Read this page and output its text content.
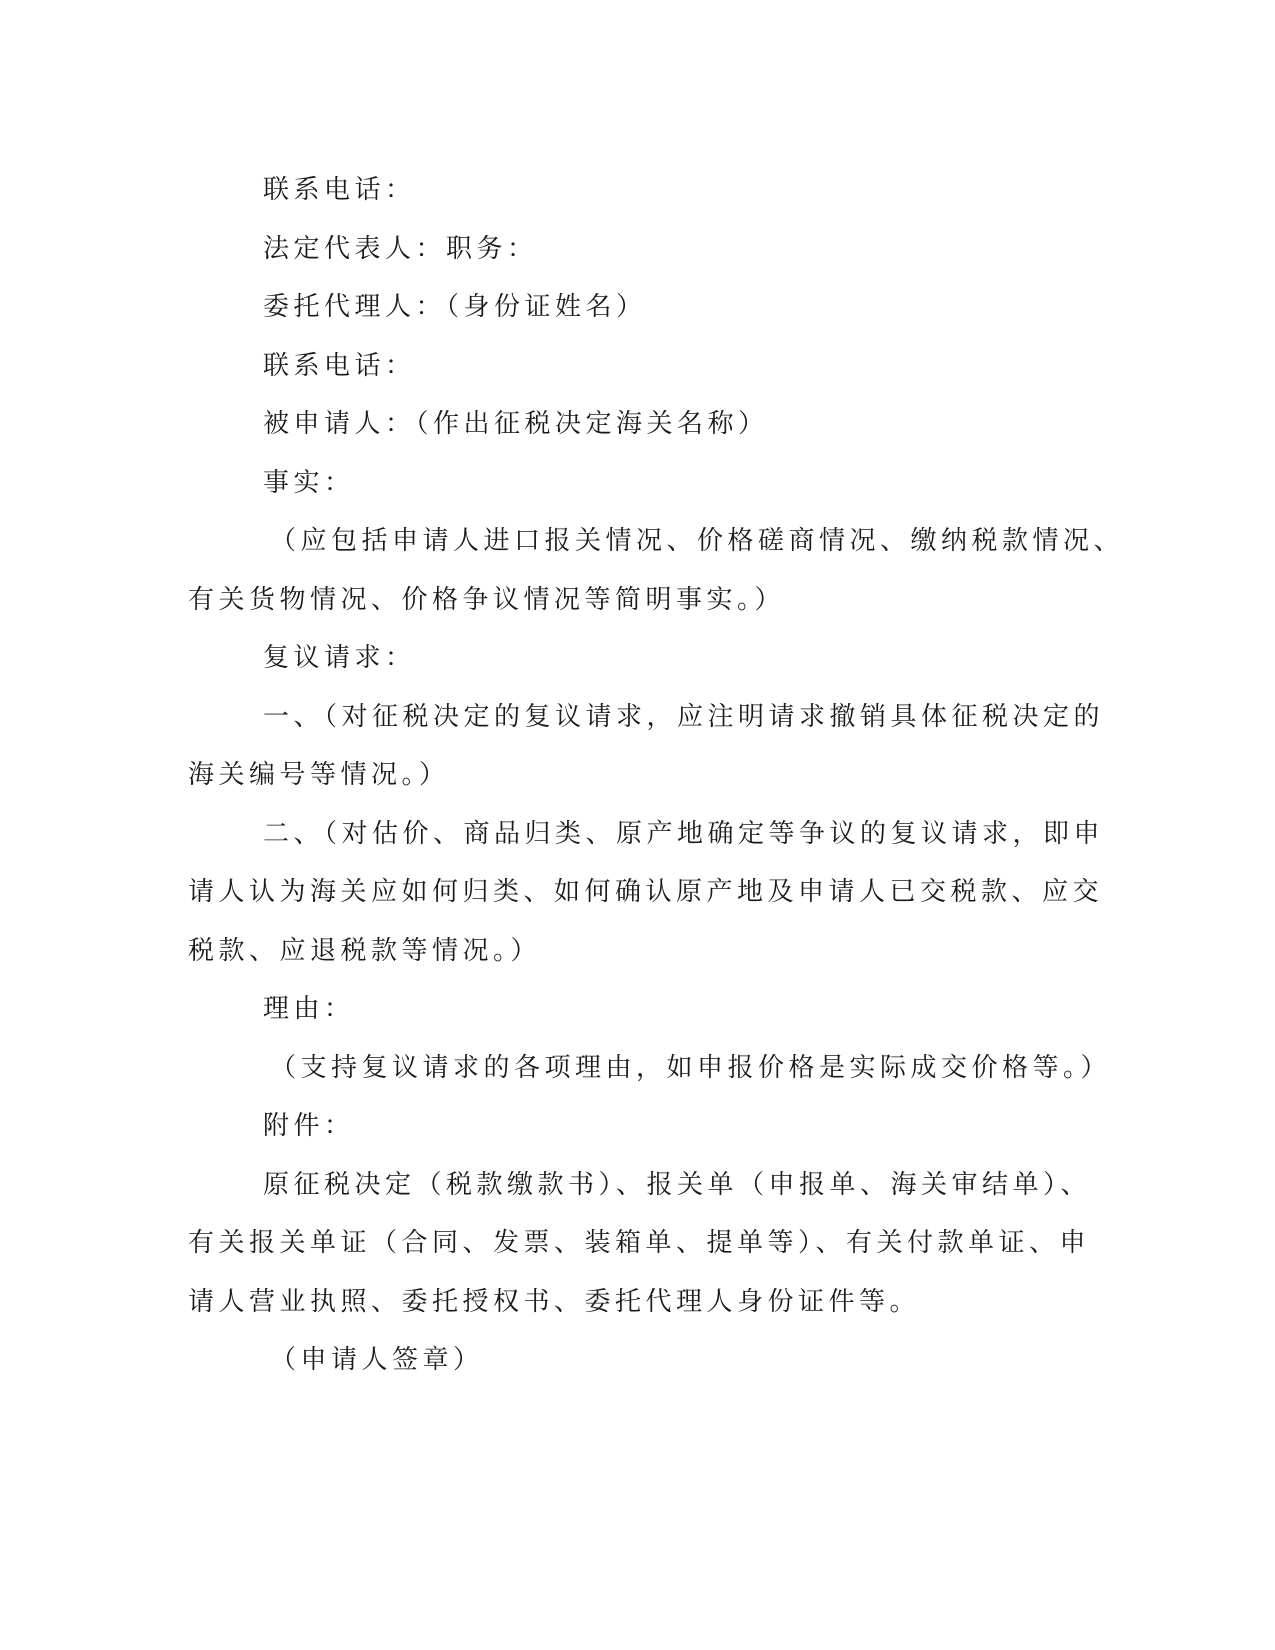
联系电话：
法定代表人：职务：
委托代理人：（身份证姓名）
联系电话：
被申请人：（作出征税决定海关名称）
事实：
（应包括申请人进口报关情况、价格磋商情况、缴纳税款情况、
有关货物情况、价格争议情况等简明事实。）
复议请求：
一、（对征税决定的复议请求，应注明请求撤销具体征税决定的
海关编号等情况。）
二、（对估价、商品归类、原产地确定等争议的复议请求，即申
请人认为海关应如何归类、如何确认原产地及申请人已交税款、应交
税款、应退税款等情况。）
理由：
（支持复议请求的各项理由，如申报价格是实际成交价格等。）
附件：
原征税决定（税款缴款书）、报关单（申报单、海关审结单）、
有关报关单证（合同、发票、装箱单、提单等）、有关付款单证、申
请人营业执照、委托授权书、委托代理人身份证件等。
（申请人签章）
